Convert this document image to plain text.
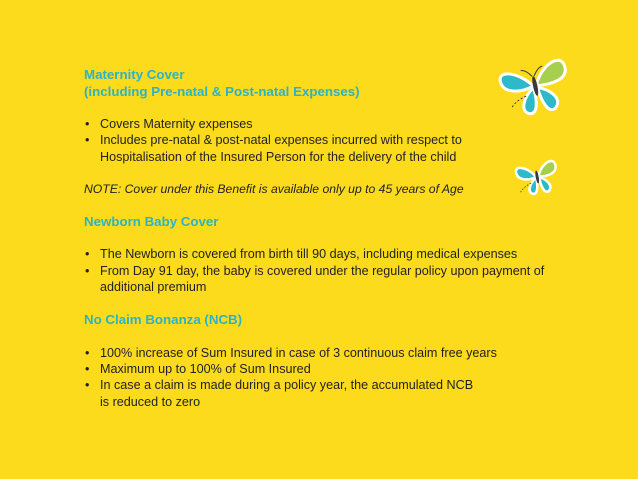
Maternity Cover
(including Pre-natal & Post-natal Expenses)

• Covers Maternity expenses
• Includes pre-natal & post-natal expenses incurred with respect to Hospitalisation of the Insured Person for the delivery of the child

NOTE: Cover under this Benefit is available only up to 45 years of Age

Newborn Baby Cover

• The Newborn is covered from birth till 90 days, including medical expenses
• From Day 91 day, the baby is covered under the regular policy upon payment of additional premium

No Claim Bonanza (NCB)

• 100% increase of Sum Insured in case of 3 continuous claim free years
• Maximum up to 100% of Sum Insured
• In case a claim is made during a policy year, the accumulated NCB is reduced to zero
